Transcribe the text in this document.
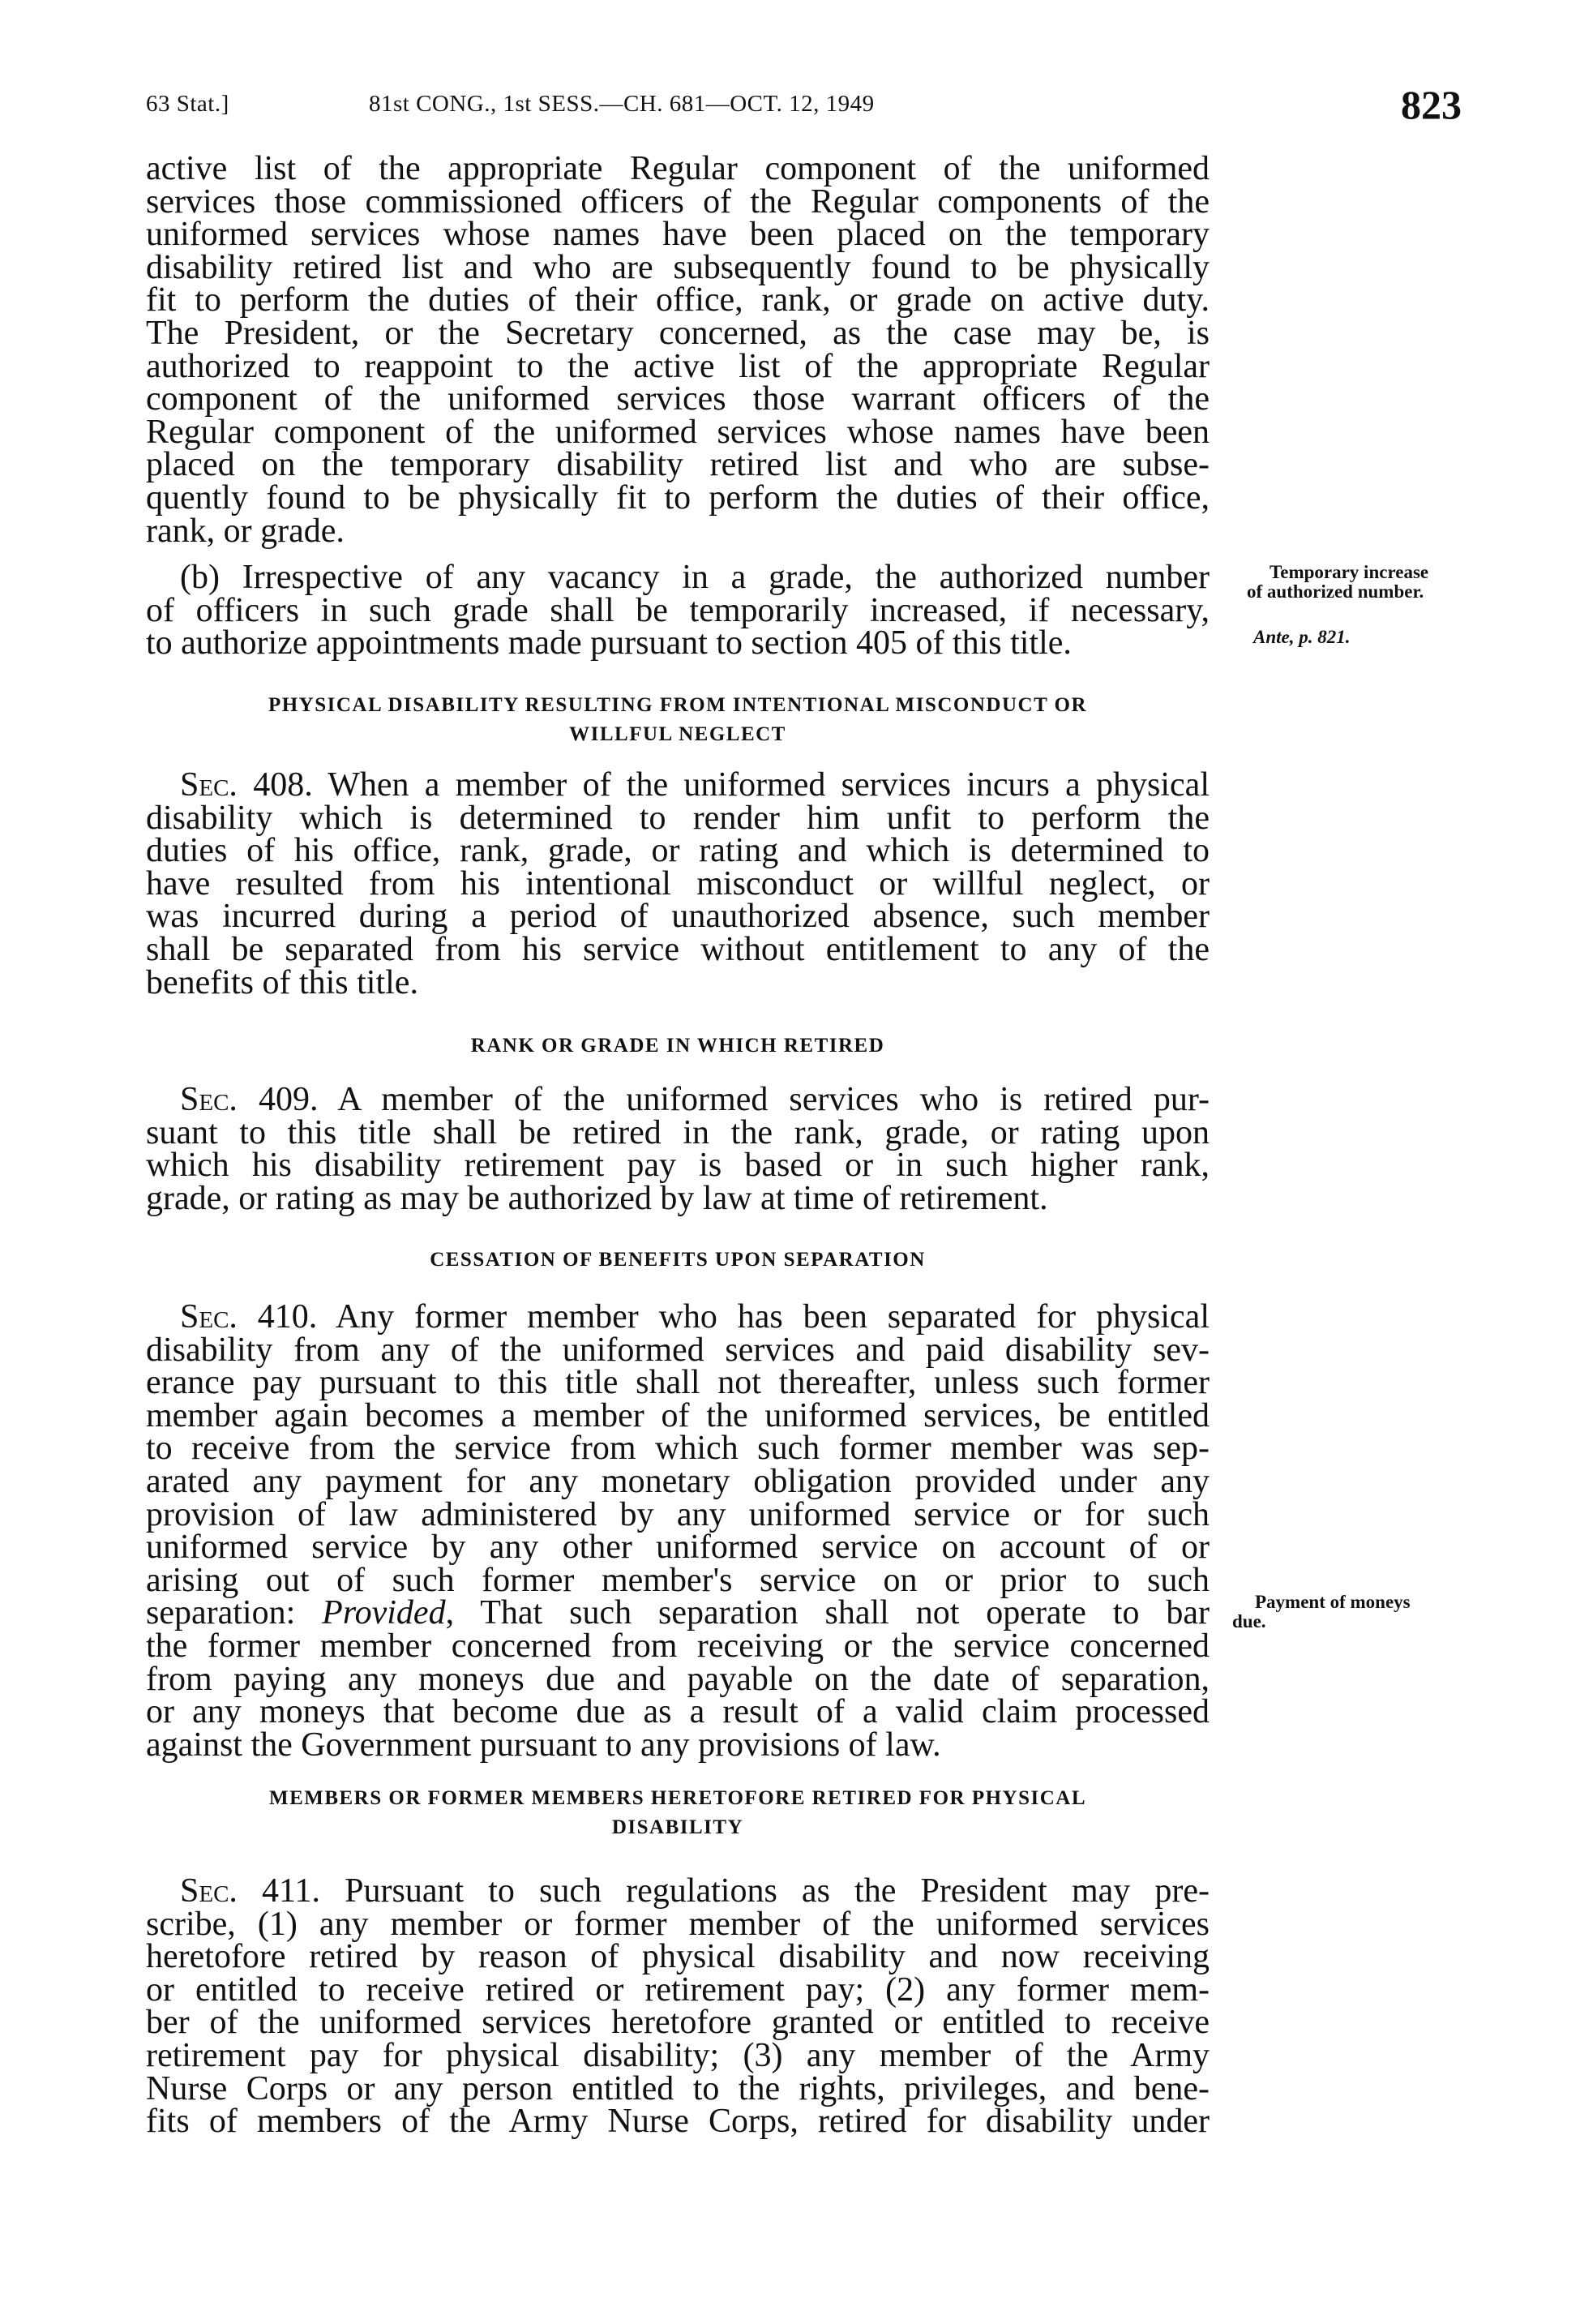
63 Stat.]	81st CONG., 1st SESS.—CH. 681—OCT. 12, 1949	823
active list of the appropriate Regular component of the uniformed
services those commissioned officers of the Regular components of the
uniformed services whose names have been placed on the temporary
disability retired list and who are subsequently found to be physically
fit to perform the duties of their office, rank, or grade on active duty.
The President, or the Secretary concerned, as the case may be, is
authorized to reappoint to the active list of the appropriate Regular
component of the uniformed services those warrant officers of the
Regular component of the uniformed services whose names have been
placed on the temporary disability retired list and who are subse-
quently found to be physically fit to perform the duties of their office,
rank, or grade.
(b) Irrespective of any vacancy in a grade, the authorized number
of officers in such grade shall be temporarily increased, if necessary,
to authorize appointments made pursuant to section 405 of this title.
PHYSICAL DISABILITY RESULTING FROM INTENTIONAL MISCONDUCT OR
WILLFUL NEGLECT
Sec. 408. When a member of the uniformed services incurs a physical
disability which is determined to render him unfit to perform the
duties of his office, rank, grade, or rating and which is determined to
have resulted from his intentional misconduct or willful neglect, or
was incurred during a period of unauthorized absence, such member
shall be separated from his service without entitlement to any of the
benefits of this title.
RANK OR GRADE IN WHICH RETIRED
Sec. 409. A member of the uniformed services who is retired pur-
suant to this title shall be retired in the rank, grade, or rating upon
which his disability retirement pay is based or in such higher rank,
grade, or rating as may be authorized by law at time of retirement.
CESSATION OF BENEFITS UPON SEPARATION
Sec. 410. Any former member who has been separated for physical
disability from any of the uniformed services and paid disability sev-
erance pay pursuant to this title shall not thereafter, unless such former
member again becomes a member of the uniformed services, be entitled
to receive from the service from which such former member was sep-
arated any payment for any monetary obligation provided under any
provision of law administered by any uniformed service or for such
uniformed service by any other uniformed service on account of or
arising out of such former member's service on or prior to such
separation: Provided, That such separation shall not operate to bar
the former member concerned from receiving or the service concerned
from paying any moneys due and payable on the date of separation,
or any moneys that become due as a result of a valid claim processed
against the Government pursuant to any provisions of law.
MEMBERS OR FORMER MEMBERS HERETOFORE RETIRED FOR PHYSICAL
DISABILITY
Sec. 411. Pursuant to such regulations as the President may pre-
scribe, (1) any member or former member of the uniformed services
heretofore retired by reason of physical disability and now receiving
or entitled to receive retired or retirement pay; (2) any former mem-
ber of the uniformed services heretofore granted or entitled to receive
retirement pay for physical disability; (3) any member of the Army
Nurse Corps or any person entitled to the rights, privileges, and bene-
fits of members of the Army Nurse Corps, retired for disability under
Temporary increase
of authorized number.
Ante, p. 821.
Payment of moneys
due.
